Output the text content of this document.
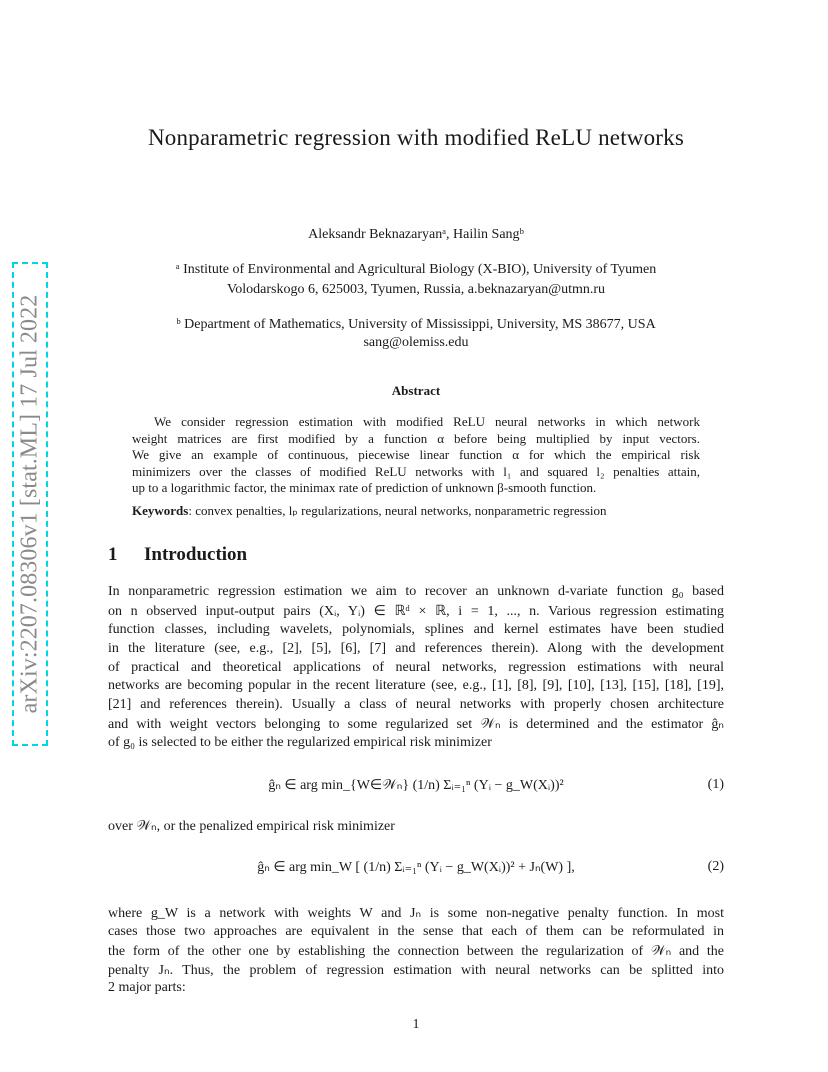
arXiv:2207.08306v1 [stat.ML] 17 Jul 2022
Nonparametric regression with modified ReLU networks
Aleksandr Beknazaryanᵃ, Hailin Sangᵇ
ᵃ Institute of Environmental and Agricultural Biology (X-BIO), University of Tyumen
Volodarskogo 6, 625003, Tyumen, Russia, a.beknazaryan@utmn.ru
ᵇ Department of Mathematics, University of Mississippi, University, MS 38677, USA
sang@olemiss.edu
Abstract
We consider regression estimation with modified ReLU neural networks in which network
weight matrices are first modified by a function α before being multiplied by input vectors.
We give an example of continuous, piecewise linear function α for which the empirical risk
minimizers over the classes of modified ReLU networks with l₁ and squared l₂ penalties attain,
up to a logarithmic factor, the minimax rate of prediction of unknown β-smooth function.
Keywords: convex penalties, lₚ regularizations, neural networks, nonparametric regression
1 Introduction
In nonparametric regression estimation we aim to recover an unknown d-variate function g₀ based
on n observed input-output pairs (Xᵢ, Yᵢ) ∈ ℝᵈ × ℝ, i = 1, ..., n. Various regression estimating
function classes, including wavelets, polynomials, splines and kernel estimates have been studied
in the literature (see, e.g., [2], [5], [6], [7] and references therein). Along with the development
of practical and theoretical applications of neural networks, regression estimations with neural
networks are becoming popular in the recent literature (see, e.g., [1], [8], [9], [10], [13], [15], [18], [19],
[21] and references therein). Usually a class of neural networks with properly chosen architecture
and with weight vectors belonging to some regularized set 𝒲ₙ is determined and the estimator ĝₙ
of g₀ is selected to be either the regularized empirical risk minimizer
ĝₙ ∈ arg min_{W∈𝒲ₙ} (1/n) Σᵢ₌₁ⁿ (Yᵢ − g_W(Xᵢ))²	(1)
over 𝒲ₙ, or the penalized empirical risk minimizer
ĝₙ ∈ arg min_W [ (1/n) Σᵢ₌₁ⁿ (Yᵢ − g_W(Xᵢ))² + Jₙ(W) ],	(2)
where g_W is a network with weights W and Jₙ is some non-negative penalty function. In most
cases those two approaches are equivalent in the sense that each of them can be reformulated in
the form of the other one by establishing the connection between the regularization of 𝒲ₙ and the
penalty Jₙ. Thus, the problem of regression estimation with neural networks can be splitted into
2 major parts:
1
